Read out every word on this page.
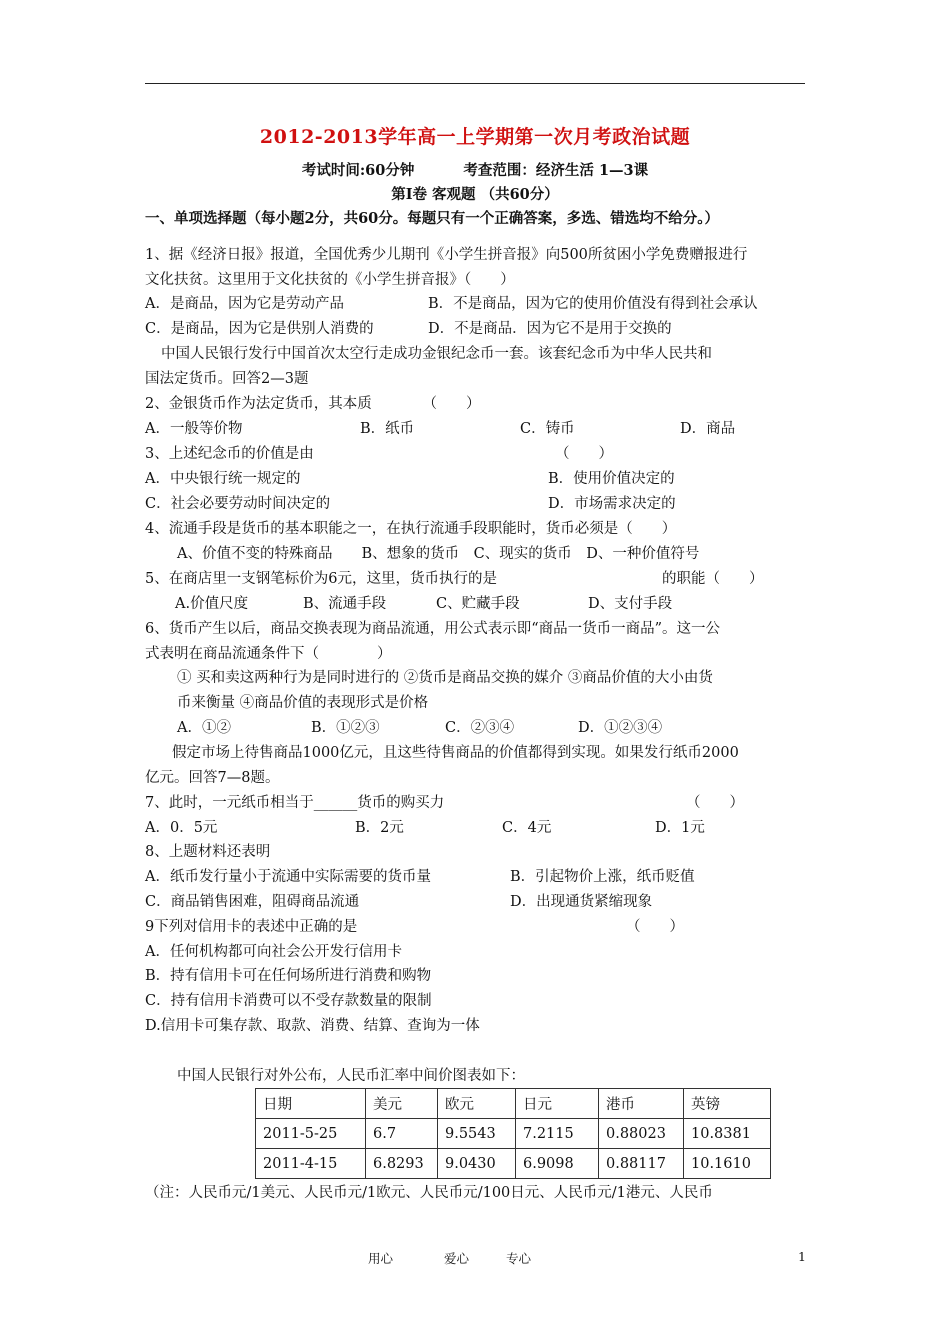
2012-2013学年高一上学期第一次月考政治试题
考试时间:60分钟	考查范围：经济生活 1—3课
第Ⅰ卷 客观题 （共60分）
一、单项选择题（每小题2分，共60分。每题只有一个正确答案，多选、错选均不给分。）
1、据《经济日报》报道，全国优秀少儿期刊《小学生拼音报》向500所贫困小学免费赠报进行
文化扶贫。这里用于文化扶贫的《小学生拼音报》（　　）
A．是商品，因为它是劳动产品	B．不是商品，因为它的使用价值没有得到社会承认
C．是商品，因为它是供别人消费的	D．不是商品．因为它不是用于交换的
中国人民银行发行中国首次太空行走成功金银纪念币一套。该套纪念币为中华人民共和
国法定货币。回答2—3题
2、金银货币作为法定货币，其本质　　　　（　　）
A．一般等价物	B．纸币	C．铸币	D．商品
3、上述纪念币的价值是由	（　　）
A．中央银行统一规定的	B．使用价值决定的
C．社会必要劳动时间决定的	D．市场需求决定的
4、流通手段是货币的基本职能之一，在执行流通手段职能时，货币必须是（　　）
A、价值不变的特殊商品　　B、想象的货币　C、现实的货币　D、一种价值符号
5、在商店里一支钢笔标价为6元，这里，货币执行的是	的职能（　　）
A.价值尺度	B、流通手段	C、贮藏手段	D、支付手段
6、货币产生以后，商品交换表现为商品流通，用公式表示即“商品一货币一商品”。这一公
式表明在商品流通条件下（　　　　）
① 买和卖这两种行为是同时进行的 ②货币是商品交换的媒介 ③商品价值的大小由货
币来衡量 ④商品价值的表现形式是价格
A．①②	B．①②③	C．②③④	D．①②③④
假定市场上待售商品1000亿元，且这些待售商品的价值都得到实现。如果发行纸币2000
亿元。回答7—8题。
7、此时，一元纸币相当于______货币的购买力	（　　）
A．0．5元	B．2元	C．4元	D．1元
8、上题材料还表明
A．纸币发行量小于流通中实际需要的货币量	B．引起物价上涨，纸币贬值
C．商品销售困难，阻碍商品流通	D．出现通货紧缩现象
9下列对信用卡的表述中正确的是	（　　）
A．任何机构都可向社会公开发行信用卡
B．持有信用卡可在任何场所进行消费和购物
C．持有信用卡消费可以不受存款数量的限制
D.信用卡可集存款、取款、消费、结算、查询为一体
中国人民银行对外公布，人民币汇率中间价图表如下：
日期	美元	欧元	日元	港币	英镑
2011-5-25	6.7	9.5543	7.2115	0.88023	10.8381
2011-4-15	6.8293	9.0430	6.9098	0.88117	10.1610
（注：人民币元/1美元、人民币元/1欧元、人民币元/100日元、人民币元/1港元、人民币
用心	爱心	专心	1
